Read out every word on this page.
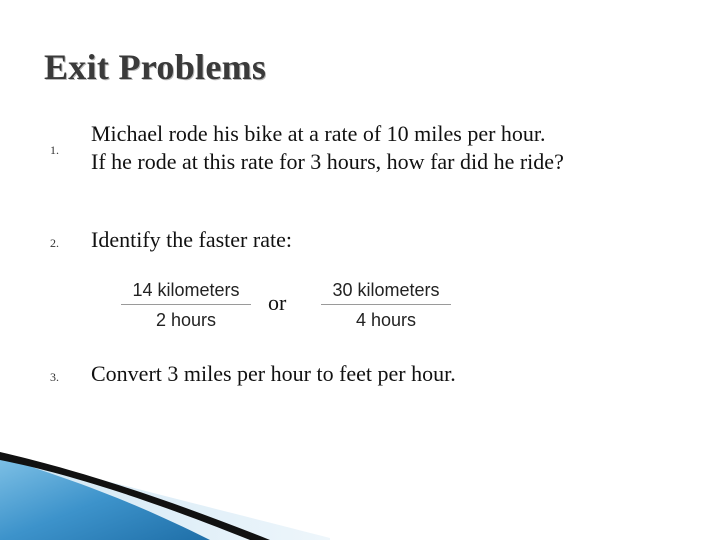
Exit Problems
1.
Michael rode his bike at a rate of 10 miles per hour.
If he rode at this rate for 3 hours, how far did he ride?
2. Identify the faster rate:
14 kilometers
2 hours
or	30 kilometers
4 hours
3. Convert 3 miles per hour to feet per hour.
